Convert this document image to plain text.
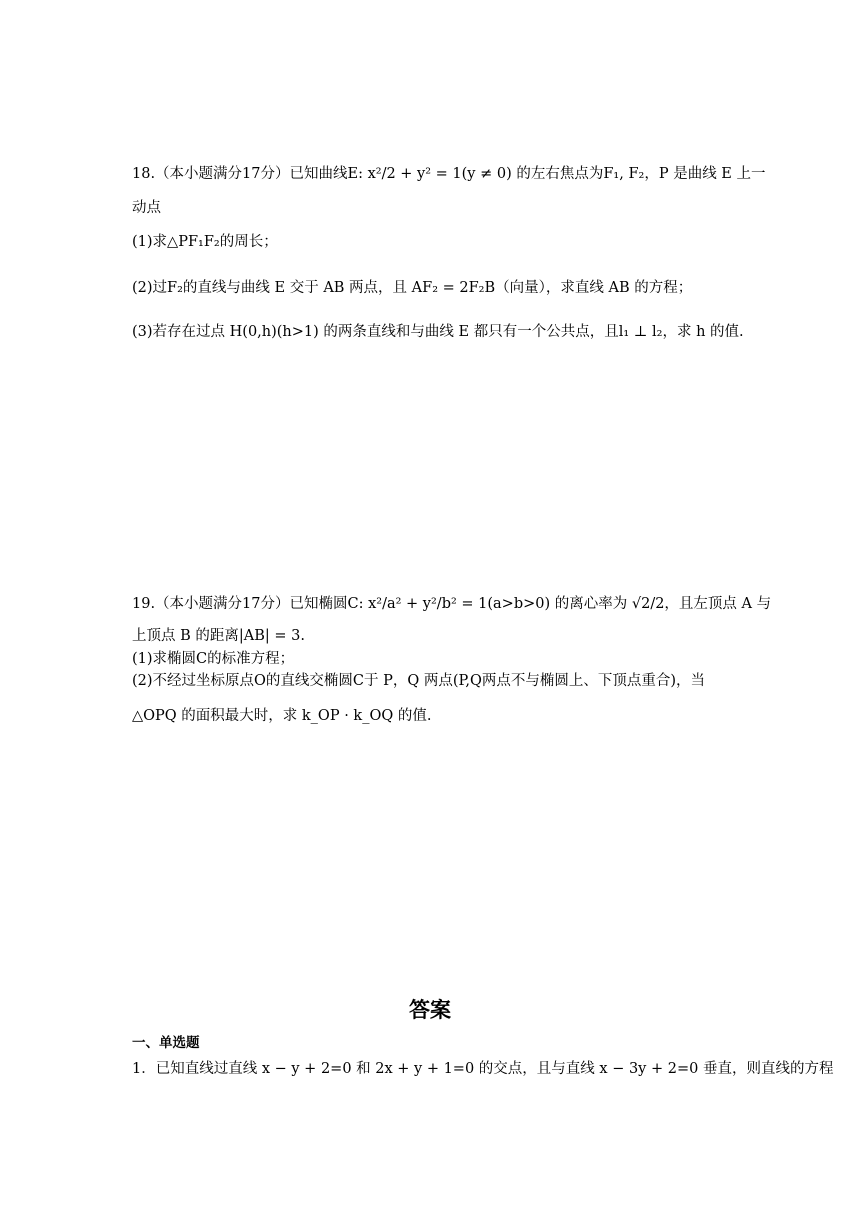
18.（本小题满分17分）已知曲线E: x²/2 + y² = 1(y ≠ 0) 的左右焦点为F₁, F₂，P 是曲线 E 上一
动点
(1)求△PF₁F₂的周长；
(2)过F₂的直线与曲线 E 交于 AB 两点，且 AF₂ = 2F₂B（向量），求直线 AB 的方程；
(3)若存在过点 H(0,h)(h>1) 的两条直线和与曲线 E 都只有一个公共点，且l₁ ⊥ l₂，求 h 的值.
19.（本小题满分17分）已知椭圆C: x²/a² + y²/b² = 1(a>b>0) 的离心率为 √2/2，且左顶点 A 与
上顶点 B 的距离|AB| = 3.
(1)求椭圆C的标准方程；
(2)不经过坐标原点O的直线交椭圆C于 P，Q 两点(P,Q两点不与椭圆上、下顶点重合)，当
△OPQ 的面积最大时，求 k_OP · k_OQ 的值.
答案
一、单选题
1．已知直线过直线 x − y + 2=0 和 2x + y + 1=0 的交点，且与直线 x − 3y + 2=0 垂直，则直线的方程
